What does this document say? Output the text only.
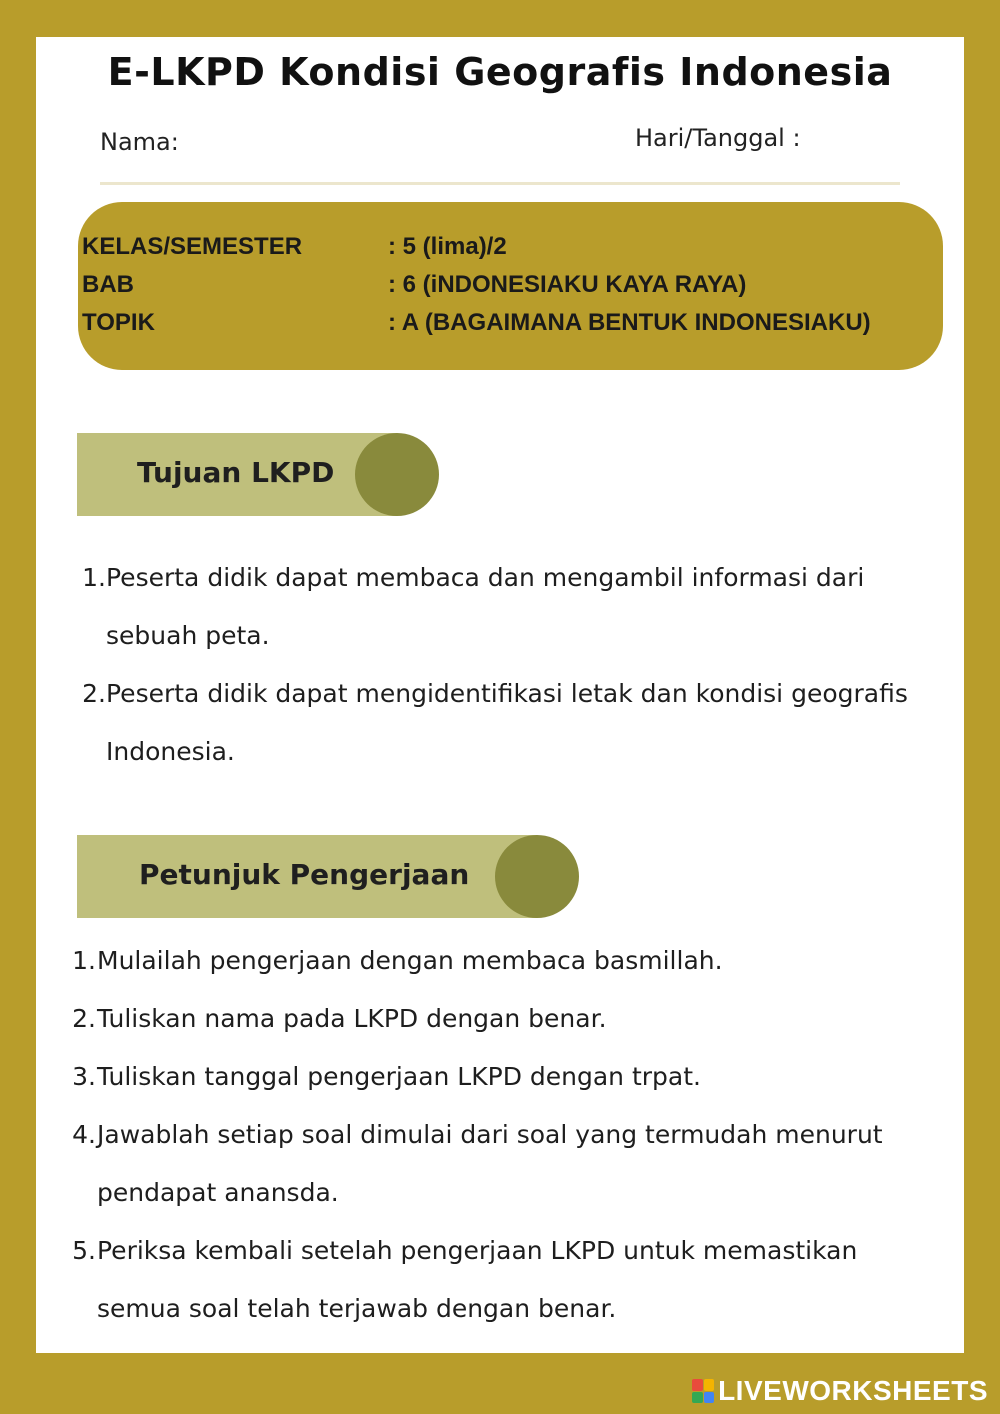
E-LKPD Kondisi Geografis Indonesia
Nama:	Hari/Tanggal :
KELAS/SEMESTER	: 5 (lima)/2
BAB	: 6 (iNDONESIAKU KAYA RAYA)
TOPIK	: A (BAGAIMANA BENTUK INDONESIAKU)
Tujuan LKPD
1. Peserta didik dapat membaca dan mengambil informasi dari sebuah peta.
2. Peserta didik dapat mengidentifikasi letak dan kondisi geografis Indonesia.
Petunjuk Pengerjaan
1. Mulailah pengerjaan dengan membaca basmillah.
2. Tuliskan nama pada LKPD dengan benar.
3. Tuliskan tanggal pengerjaan LKPD dengan trpat.
4. Jawablah setiap soal dimulai dari soal yang termudah menurut pendapat anansda.
5. Periksa kembali setelah pengerjaan LKPD untuk memastikan semua soal telah terjawab dengan benar.
LIVEWORKSHEETS
